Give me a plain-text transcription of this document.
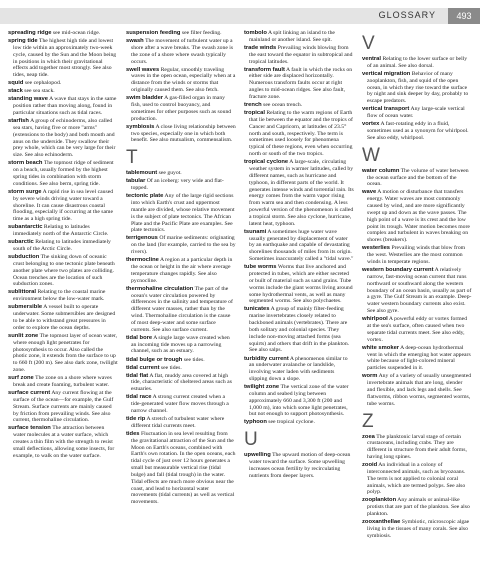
GLOSSARY	493
spreading ridge see mid-ocean ridge.
spring tide The highest high tide and lowest low tide within an approximately two-week cycle, caused by the Sun and the Moon being in positions in which their gravitational effects add together most strongly. See also tides, neap tide.
squid see cephalopod.
stack see sea stack.
standing wave A wave that stays in the same position rather than moving along, found in particular situations such as tidal races.
starfish A group of echinoderms, also called sea stars, having five or more "arms" (extensions to the body) and both mouth and anus on the underside. They swallow their prey whole, which can be very large for their size. See also echinoderm.
storm beach The topmost ridge of sediment on a beach, usually formed by the highest spring tides in combination with storm conditions. See also berm, spring tide.
storm surge A rapid rise in sea level caused by severe winds driving water toward a shoreline. It can cause disastrous coastal flooding, especially if occurring at the same time as a high spring tide.
subantarctic Relating to latitudes immediately north of the Antarctic Circle.
subarctic Relating to latitudes immediately south of the Arctic Circle.
subduction The sinking down of oceanic crust belonging to one tectonic plate beneath another plate where two plates are colliding. Ocean trenches are the location of such subduction zones.
sublittoral Relating to the coastal marine environment below the low-water mark.
submersible A vessel built to operate underwater. Some submersibles are designed to be able to withstand great pressures in order to explore the ocean depths.
sunlit zone The topmost layer of ocean water, where enough light penetrates for photosynthesis to occur. Also called the photic zone, it extends from the surface to up to 660 ft (200 m). See also dark zone, twilight zone.
surf zone The zone on a shore where waves break and create foaming, turbulent water.
surface current Any current flowing at the surface of the ocean—for example, the Gulf Stream. Surface currents are mainly caused by friction from prevailing winds. See also current, thermohaline circulation.
surface tension The attraction between water molecules at a water surface, which creates a thin film with the strength to resist small deflections, allowing some insects, for example, to walk on the water surface.
suspension feeding see filter feeding.
swash The movement of turbulent water up a shore after a wave breaks. The swash zone is the zone of a shore where swash typically occurs.
swell waves Regular, smoothly traveling waves in the open ocean, especially when at a distance from the winds or storms that originally caused them. See also fetch.
swim bladder A gas-filled organ in many fish, used to control buoyancy, and sometimes for other purposes such as sound production.
symbiosis A close living relationship between two species, especially one in which both benefit. See also mutualism, commensalism.
T
tablemount see guyot.
tabular Of an iceberg: very wide and flat-topped.
tectonic plate Any of the large rigid sections into which Earth's crust and uppermost mantle are divided, whose relative movement is the subject of plate tectonics. The African Plate and the Pacific Plate are examples. See plate tectonics.
terrigenous Of marine sediments: originating on the land (for example, carried to the sea by rivers).
thermocline A region at a particular depth in the ocean or height in the air where average temperature changes rapidly. See also pycnocline.
thermohaline circulation The part of the ocean's water circulation powered by differences in the salinity and temperature of different water masses, rather than by the wind. Thermohaline circulation is the cause of most deep-water and some surface currents. See also surface current.
tidal bore A single large wave created when an incoming tide moves up a narrowing channel, such as an estuary.
tidal bulge or trough see tides.
tidal current see tides.
tidal flat A flat, muddy area covered at high tide, characteristic of sheltered areas such as estuaries.
tidal race A strong current created when a tide-generated water flow moves through a narrow channel.
tide rip A stretch of turbulent water where different tidal currents meet.
tides Fluctuation in sea level resulting from the gravitational attraction of the Sun and the Moon on Earth's oceans, combined with Earth's own rotation. In the open oceans, each tidal cycle of just over 12 hours generates a small but measurable vertical rise (tidal bulge) and fall (tidal trough) in the water. Tidal effects are much more obvious near the coast, and lead to horizontal water movements (tidal currents) as well as vertical movements.
tombolo A spit linking an island to the mainland or another island. See spit.
trade winds Prevailing winds blowing from the east toward the equator in subtropical and tropical latitudes.
transform fault A fault in which the rocks on either side are displaced horizontally. Numerous transform faults occur at right angles to mid-ocean ridges. See also fault, fracture zone.
trench see ocean trench.
tropical Relating to the warm regions of Earth that lie between the equator and the tropics of Cancer and Capricorn, at latitudes of 23.5° north and south, respectively. The term is sometimes used loosely for phenomena typical of these regions, even when occurring north or south of the two tropics.
tropical cyclone A large-scale, circulating weather system in warmer latitudes, called by different names, such as hurricane and typhoon, in different parts of the world. It generates intense winds and torrential rain. Its energy comes from the warm vapor rising from warm sea and then condensing. A less powerful version of the phenomenon is called a tropical storm. See also cyclone, hurricane, latent heat, typhoon.
tsunami A sometimes huge water wave usually generated by displacement of water by an earthquake and capable of devastating shorelines thousands of miles from its origin. Sometimes inaccurately called a "tidal wave."
tube worms Worms that live anchored and protected in tubes, which are either secreted or built of material such as sand grains. Tube worms include the giant worms living around some hydrothermal vents, as well as many segmented worms. See also polychaetes.
tunicates A group of mainly filter-feeding marine invertebrates closely related to backboned animals (vertebrates). There are both solitary and colonial species. They include non-moving attached forms (sea squirts) and others that drift in the plankton. See also salps.
turbidity current A phenomenon similar to an underwater avalanche or landslide, involving water laden with sediments slipping down a slope.
twilight zone The vertical zone of the water column and seabed lying between approximately 660 and 3,300 ft (200 and 1,000 m), into which some light penetrates, but not enough to support photosynthesis.
typhoon see tropical cyclone.
U
upwelling The upward motion of deep-ocean water toward the surface. Some upwelling increases ocean fertility by recirculating nutrients from deeper layers.
V
ventral Relating to the lower surface or belly of an animal. See also dorsal.
vertical migration Behavior of many zooplankton, fish, and squid of the open ocean, in which they rise toward the surface by night and sink deeper by day, probably to escape predators.
vertical transport Any large-scale vertical flow of ocean water.
vortex A fast-rotating eddy in a fluid, sometimes used as a synonym for whirlpool. See also eddy, whirlpool.
W
water column The volume of water between the ocean surface and the bottom of the ocean.
wave A motion or disturbance that transfers energy. Water waves are most commonly caused by wind, and are more significantly swept up and down as the wave passes. The high point of a wave is its crest and the low point its trough. Water motion becomes more complex and turbulent in waves breaking on shores (breakers).
westerlies Prevailing winds that blow from the west. Westerlies are the most common winds in temperate regions.
western boundary current A relatively narrow, fast-moving ocean current that runs northward or southward along the western boundary of an ocean basin, usually as part of a gyre. The Gulf Stream is an example. Deep-water western boundary currents also exist. See also gyre.
whirlpool A powerful eddy or vortex formed at the sea's surface, often caused when two separate tidal currents meet. See also eddy, vortex.
white smoker A deep-ocean hydrothermal vent in which the emerging hot water appears white because of light-colored mineral particles suspended in it.
worm Any of a variety of usually unsegmented invertebrate animals that are long, slender and flexible, and lack legs and shells. See flatworms, ribbon worms, segmented worms, tube worms.
Z
zoea The planktonic larval stage of certain crustaceans, including crabs. They are different in structure from their adult forms, having long spines.
zooid An individual in a colony of interconnected animals, such as bryozoans. The term is not applied to colonial coral animals, which are termed polyps. See also polyp.
zooplankton Any animals or animal-like protists that are part of the plankton. See also plankton.
zooxanthellae Symbiotic, microscopic algae living in the tissues of many corals. See also symbiosis.
